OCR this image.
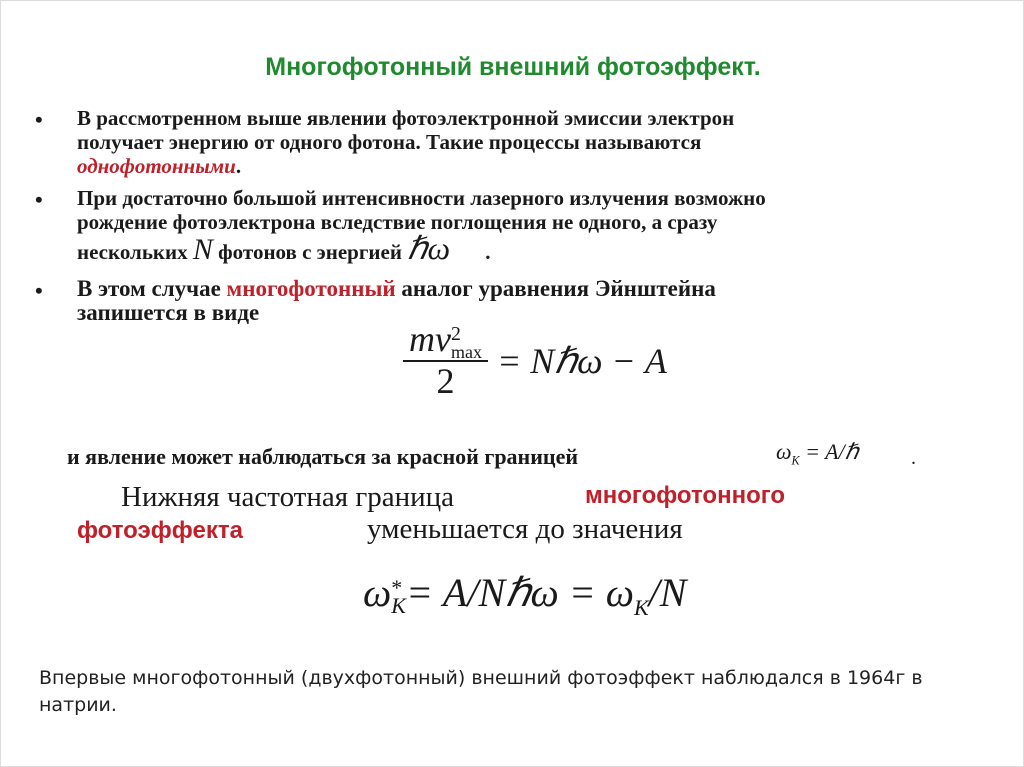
Многофотонный внешний фотоэффект.
• В рассмотренном выше явлении фотоэлектронной эмиссии электрон
получает энергию от одного фотона. Такие процессы называются
однофотонными.
• При достаточно большой интенсивности лазерного излучения возможно
рождение фотоэлектрона вследствие поглощения не одного, а сразу
нескольких N фотонов с энергией ℏω .
• В этом случае многофотонный аналог уравнения Эйнштейна
запишется в виде
mv 2
max
2 = Nℏω − A
и явление может наблюдаться за красной границей	$\omega_K$ = A/ℏ	.
Нижняя частотная граница	многофотонного
фотоэффекта	уменьшается до значения
ω *
K = A/Nℏω = $\omega_K/N$
Впервые многофотонный (двухфотонный) внешний фотоэффект наблюдался в 1964г в натрии.
